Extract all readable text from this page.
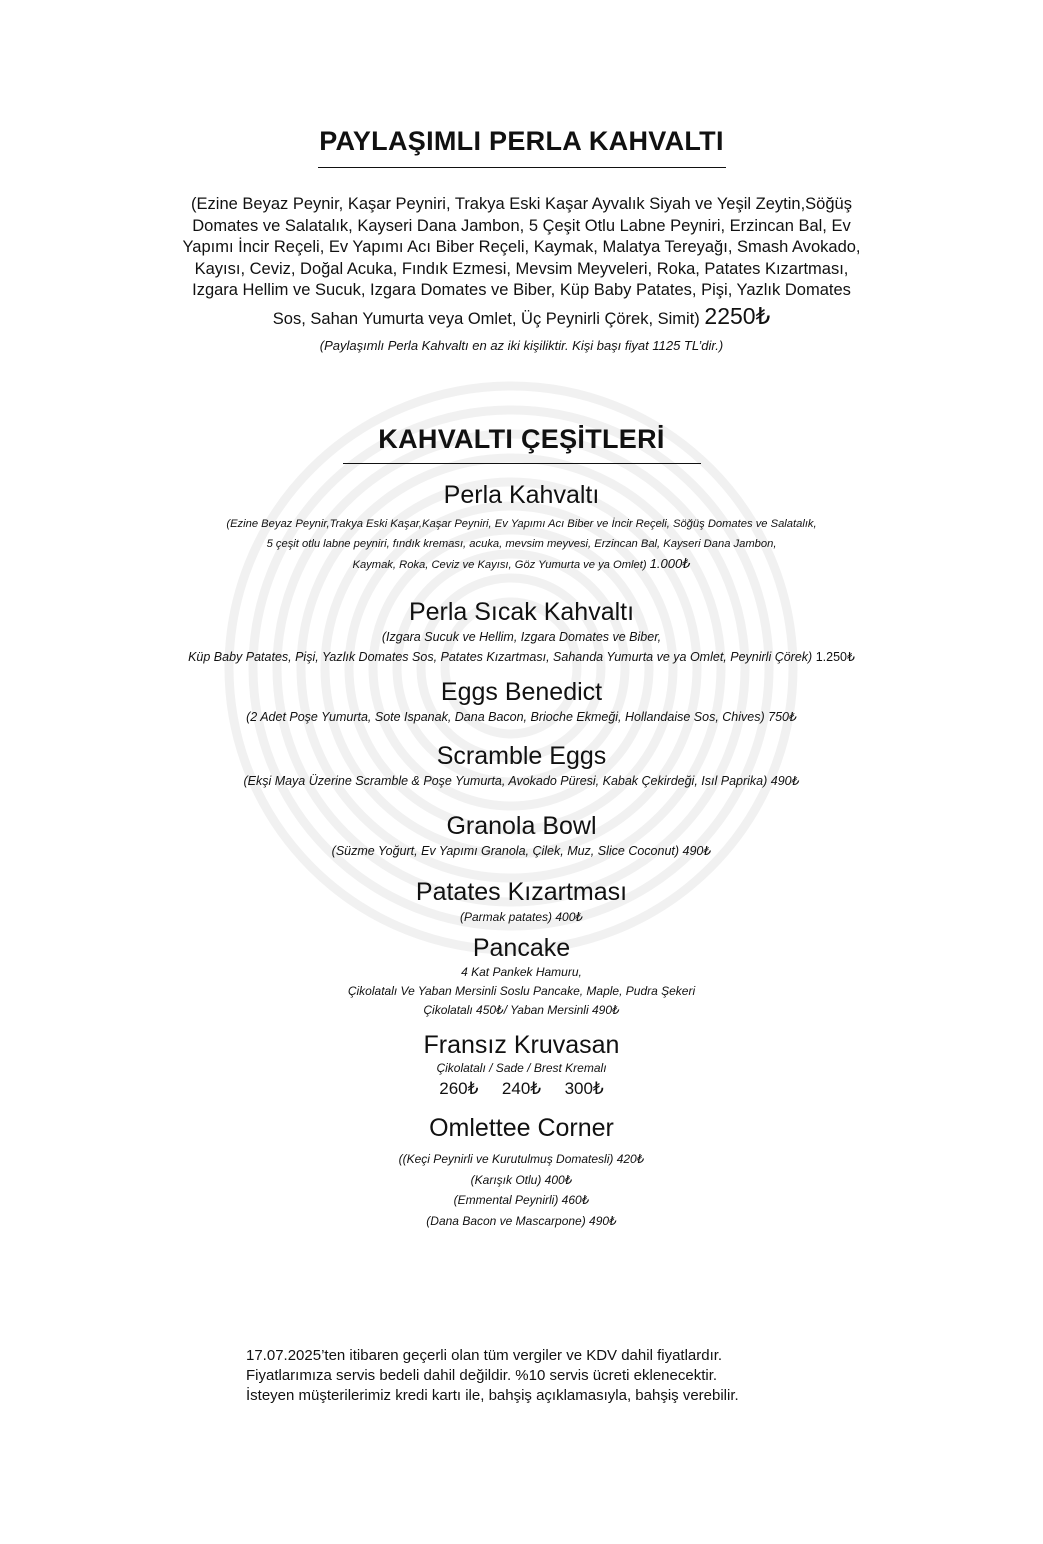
PAYLAŞIMLI PERLA KAHVALTI
(Ezine Beyaz Peynir, Kaşar Peyniri, Trakya Eski Kaşar Ayvalık Siyah ve Yeşil Zeytin,Söğüş
Domates ve Salatalık, Kayseri Dana Jambon, 5 Çeşit Otlu Labne Peyniri, Erzincan Bal, Ev
Yapımı İncir Reçeli, Ev Yapımı Acı Biber Reçeli, Kaymak, Malatya Tereyağı, Smash Avokado,
Kayısı, Ceviz, Doğal Acuka, Fındık Ezmesi, Mevsim Meyveleri, Roka, Patates Kızartması,
Izgara Hellim ve Sucuk, Izgara Domates ve Biber, Küp Baby Patates, Pişi, Yazlık Domates
Sos, Sahan Yumurta veya Omlet, Üç Peynirli Çörek, Simit) 2250₺
(Paylaşımlı Perla Kahvaltı en az iki kişiliktir. Kişi başı fiyat 1125 TL’dir.)
KAHVALTI ÇEŞİTLERİ
Perla Kahvaltı
(Ezine Beyaz Peynir,Trakya Eski Kaşar,Kaşar Peyniri, Ev Yapımı Acı Biber ve İncir Reçeli, Söğüş Domates ve Salatalık,
5 çeşit otlu labne peyniri, fındık kreması, acuka, mevsim meyvesi, Erzincan Bal, Kayseri Dana Jambon,
Kaymak, Roka, Ceviz ve Kayısı, Göz Yumurta ve ya Omlet) 1.000₺
Perla Sıcak Kahvaltı
(Izgara Sucuk ve Hellim, Izgara Domates ve Biber,
Küp Baby Patates, Pişi, Yazlık Domates Sos, Patates Kızartması, Sahanda Yumurta ve ya Omlet, Peynirli Çörek) 1.250₺
Eggs Benedict
(2 Adet Poşe Yumurta, Sote Ispanak, Dana Bacon, Brioche Ekmeği, Hollandaise Sos, Chives) 750₺
Scramble Eggs
(Ekşi Maya Üzerine Scramble & Poşe Yumurta, Avokado Püresi, Kabak Çekirdeği, Isıl Paprika) 490₺
Granola Bowl
(Süzme Yoğurt, Ev Yapımı Granola, Çilek, Muz, Slice Coconut) 490₺
Patates Kızartması
(Parmak patates) 400₺
Pancake
4 Kat Pankek Hamuru,
Çikolatalı Ve Yaban Mersinli Soslu Pancake, Maple, Pudra Şekeri
Çikolatalı 450₺/ Yaban Mersinli 490₺
Fransız Kruvasan
Çikolatalı / Sade / Brest Kremalı
260₺ 240₺ 300₺
Omlettee Corner
((Keçi Peynirli ve Kurutulmuş Domatesli) 420₺
(Karışık Otlu) 400₺
(Emmental Peynirli) 460₺
(Dana Bacon ve Mascarpone) 490₺
17.07.2025’ten itibaren geçerli olan tüm vergiler ve KDV dahil fiyatlardır.
Fiyatlarımıza servis bedeli dahil değildir. %10 servis ücreti eklenecektir.
İsteyen müşterilerimiz kredi kartı ile, bahşiş açıklamasıyla, bahşiş verebilir.
